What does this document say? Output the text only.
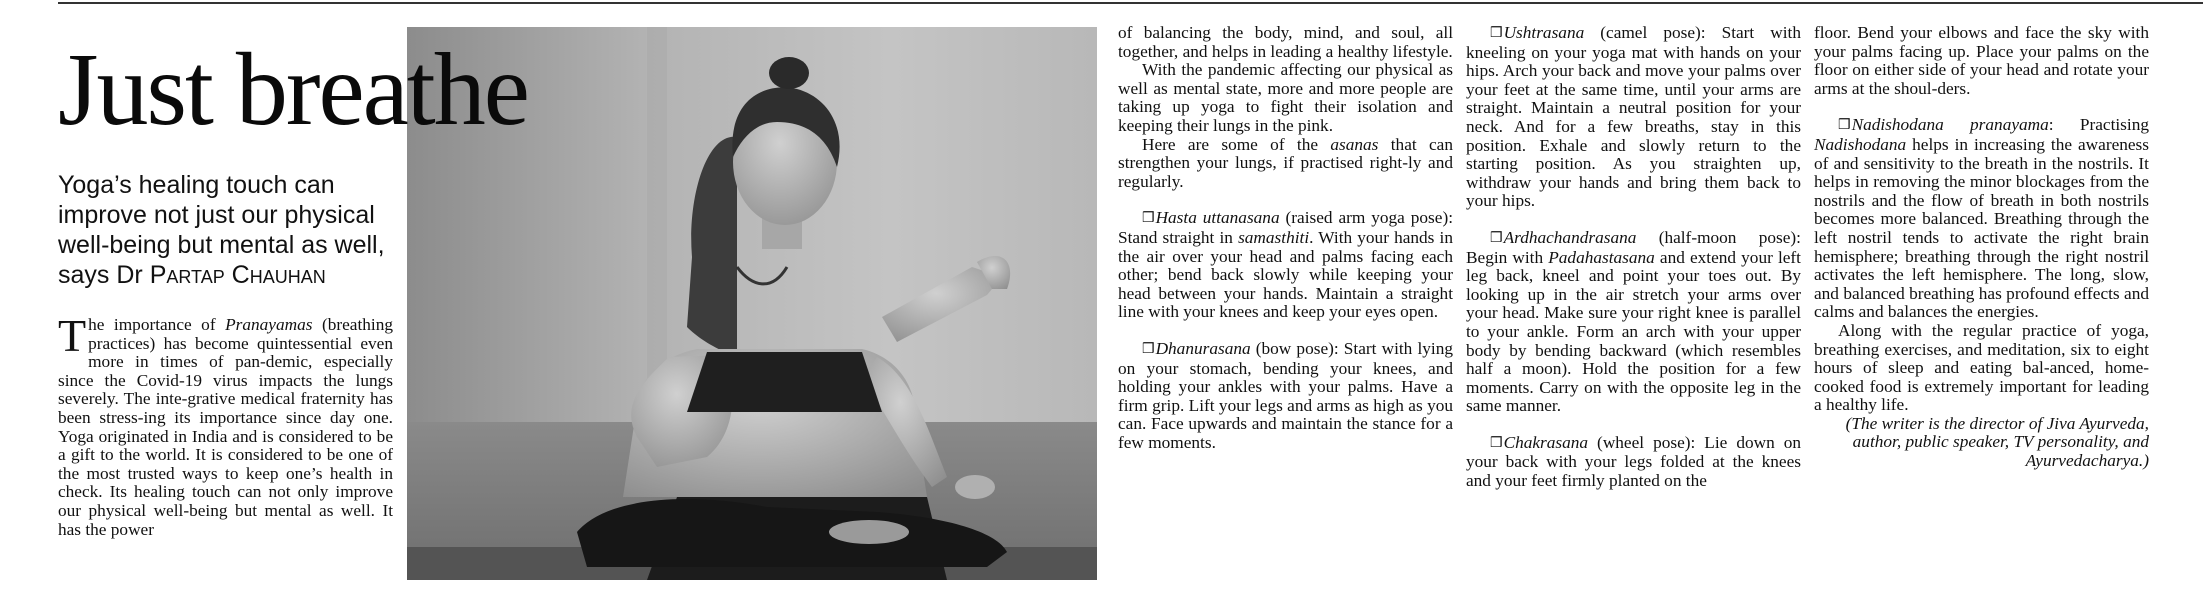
Just breathe
Yoga’s healing touch can improve not just our physical well-being but mental as well, says Dr Partap Chauhan

The importance of Pranayamas (breathing practices) has become quintessential even more in times of pan-demic, especially since the Covid-19 virus impacts the lungs severely. The inte-grative medical fraternity has been stress-ing its importance since day one. Yoga originated in India and is considered to be a gift to the world. It is considered to be one of the most trusted ways to keep one’s health in check. Its healing touch can not only improve our physical well-being but mental as well. It has the power

of balancing the body, mind, and soul, all together, and helps in leading a healthy lifestyle.

With the pandemic affecting our physical as well as mental state, more and more people are taking up yoga to fight their isolation and keeping their lungs in the pink.

Here are some of the asanas that can strengthen your lungs, if practised right-ly and regularly.

❒Hasta uttanasana (raised arm yoga pose): Stand straight in samasthiti. With your hands in the air over your head and palms facing each other; bend back slowly while keeping your head between your hands. Maintain a straight line with your knees and keep your eyes open.

❒Dhanurasana (bow pose): Start with lying on your stomach, bending your knees, and holding your ankles with your palms. Have a firm grip. Lift your legs and arms as high as you can. Face upwards and maintain the stance for a few moments.

❒Ushtrasana (camel pose): Start with kneeling on your yoga mat with hands on your hips. Arch your back and move your palms over your feet at the same time, until your arms are straight. Maintain a neutral position for your neck. And for a few breaths, stay in this position. Exhale and slowly return to the starting position. As you straighten up, withdraw your hands and bring them back to your hips.

❒Ardhachandrasana (half-moon pose): Begin with Padahastasana and extend your left leg back, kneel and point your toes out. By looking up in the air stretch your arms over your head. Make sure your right knee is parallel to your ankle. Form an arch with your upper body by bending backward (which resembles half a moon). Hold the position for a few moments. Carry on with the opposite leg in the same manner.

❒Chakrasana (wheel pose): Lie down on your back with your legs folded at the knees and your feet firmly planted on the

floor. Bend your elbows and face the sky with your palms facing up. Place your palms on the floor on either side of your head and rotate your arms at the shoul-ders.

❒Nadishodana pranayama: Practising Nadishodana helps in increasing the awareness of and sensitivity to the breath in the nostrils. It helps in removing the minor blockages from the nostrils and the flow of breath in both nostrils becomes more balanced. Breathing through the left nostril tends to activate the right brain hemisphere; breathing through the right nostril activates the left hemisphere. The long, slow, and balanced breathing has profound effects and calms and balances the energies.

Along with the regular practice of yoga, breathing exercises, and meditation, six to eight hours of sleep and eating bal-anced, home-cooked food is extremely important for leading a healthy life.

(The writer is the director of Jiva Ayurveda, author, public speaker, TV personality, and Ayurvedacharya.)
